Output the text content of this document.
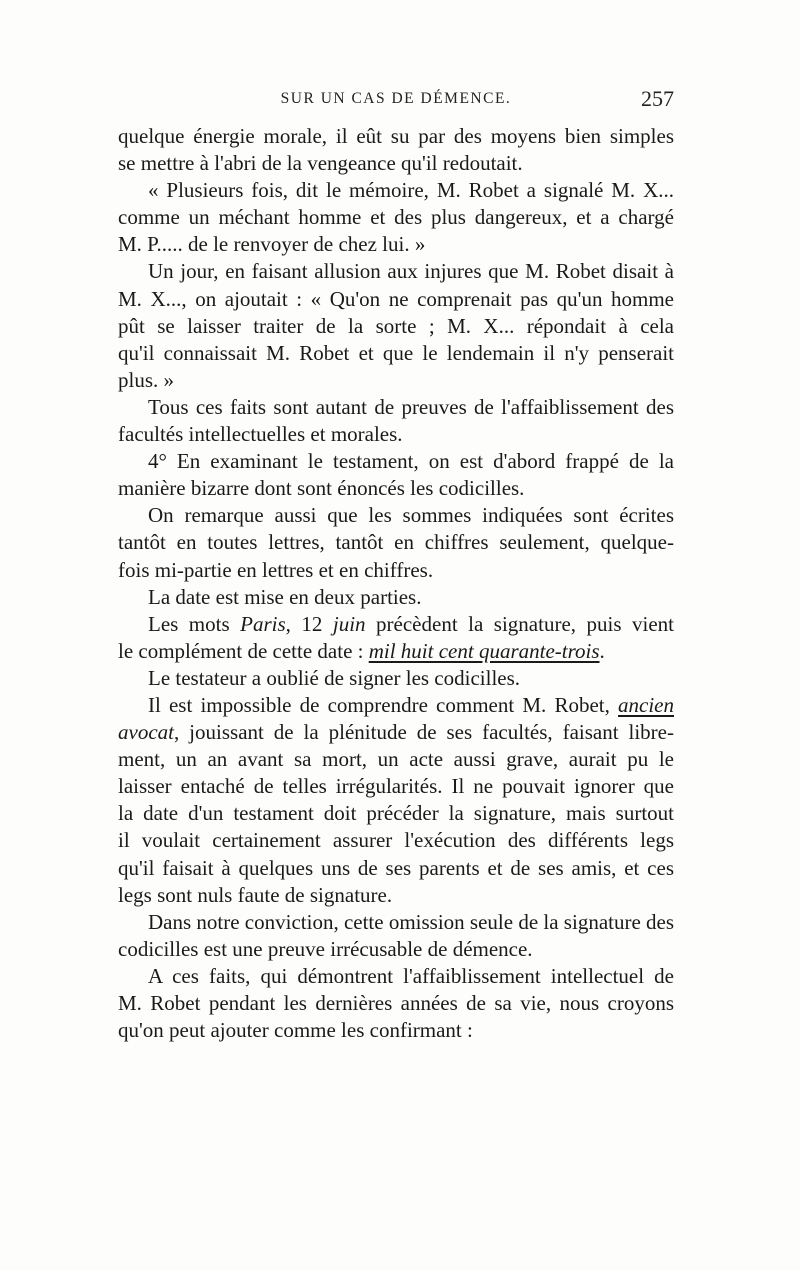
SUR UN CAS DE DÉMENCE.	257
quelque énergie morale, il eût su par des moyens bien simples
se mettre à l'abri de la vengeance qu'il redoutait.
« Plusieurs fois, dit le mémoire, M. Robet a signalé M. X...
comme un méchant homme et des plus dangereux, et a chargé
M. P..... de le renvoyer de chez lui. »
Un jour, en faisant allusion aux injures que M. Robet disait à
M. X..., on ajoutait : « Qu'on ne comprenait pas qu'un homme
pût se laisser traiter de la sorte ; M. X... répondait à cela
qu'il connaissait M. Robet et que le lendemain il n'y penserait
plus. »
Tous ces faits sont autant de preuves de l'affaiblissement des
facultés intellectuelles et morales.
4° En examinant le testament, on est d'abord frappé de la
manière bizarre dont sont énoncés les codicilles.
On remarque aussi que les sommes indiquées sont écrites
tantôt en toutes lettres, tantôt en chiffres seulement, quelque-
fois mi-partie en lettres et en chiffres.
La date est mise en deux parties.
Les mots Paris, 12 juin précèdent la signature, puis vient
le complément de cette date : mil huit cent quarante-trois.
Le testateur a oublié de signer les codicilles.
Il est impossible de comprendre comment M. Robet, ancien
avocat, jouissant de la plénitude de ses facultés, faisant libre-
ment, un an avant sa mort, un acte aussi grave, aurait pu le
laisser entaché de telles irrégularités. Il ne pouvait ignorer que
la date d'un testament doit précéder la signature, mais surtout
il voulait certainement assurer l'exécution des différents legs
qu'il faisait à quelques uns de ses parents et de ses amis, et ces
legs sont nuls faute de signature.
Dans notre conviction, cette omission seule de la signature des
codicilles est une preuve irrécusable de démence.
A ces faits, qui démontrent l'affaiblissement intellectuel de
M. Robet pendant les dernières années de sa vie, nous croyons
qu'on peut ajouter comme les confirmant :
